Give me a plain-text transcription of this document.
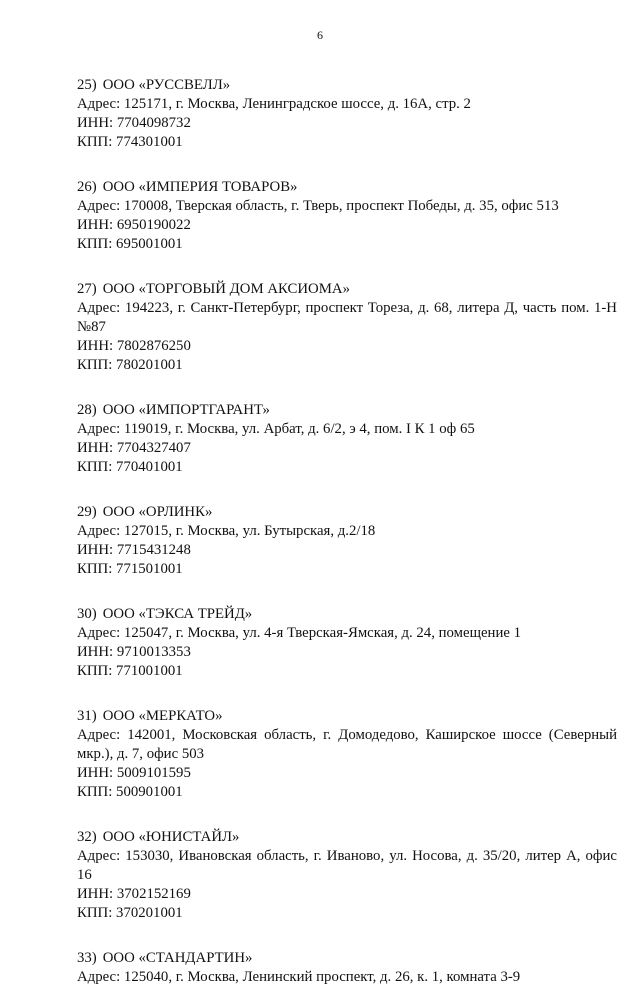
6
25) ООО «РУССВЕЛЛ»
Адрес: 125171, г. Москва, Ленинградское шоссе, д. 16А, стр. 2
ИНН: 7704098732
КПП: 774301001
26) ООО «ИМПЕРИЯ ТОВАРОВ»
Адрес: 170008, Тверская область, г. Тверь, проспект Победы, д. 35, офис 513
ИНН: 6950190022
КПП: 695001001
27) ООО «ТОРГОВЫЙ ДОМ АКСИОМА»
Адрес: 194223, г. Санкт-Петербург, проспект Тореза, д. 68, литера Д, часть пом. 1-Н №87
ИНН: 7802876250
КПП: 780201001
28) ООО «ИМПОРТГАРАНТ»
Адрес: 119019, г. Москва, ул. Арбат, д. 6/2, э 4, пом. I К 1 оф 65
ИНН: 7704327407
КПП: 770401001
29) ООО «ОРЛИНК»
Адрес: 127015, г. Москва, ул. Бутырская, д.2/18
ИНН: 7715431248
КПП: 771501001
30) ООО «ТЭКСА ТРЕЙД»
Адрес: 125047, г. Москва, ул. 4-я Тверская-Ямская, д. 24, помещение 1
ИНН: 9710013353
КПП: 771001001
31) ООО «МЕРКАТО»
Адрес: 142001, Московская область, г. Домодедово, Каширское шоссе (Северный мкр.), д. 7, офис 503
ИНН: 5009101595
КПП: 500901001
32) ООО «ЮНИСТАЙЛ»
Адрес: 153030, Ивановская область, г. Иваново, ул. Носова, д. 35/20, литер А, офис 16
ИНН: 3702152169
КПП: 370201001
33) ООО «СТАНДАРТИН»
Адрес: 125040, г. Москва, Ленинский проспект, д. 26, к. 1, комната 3-9
